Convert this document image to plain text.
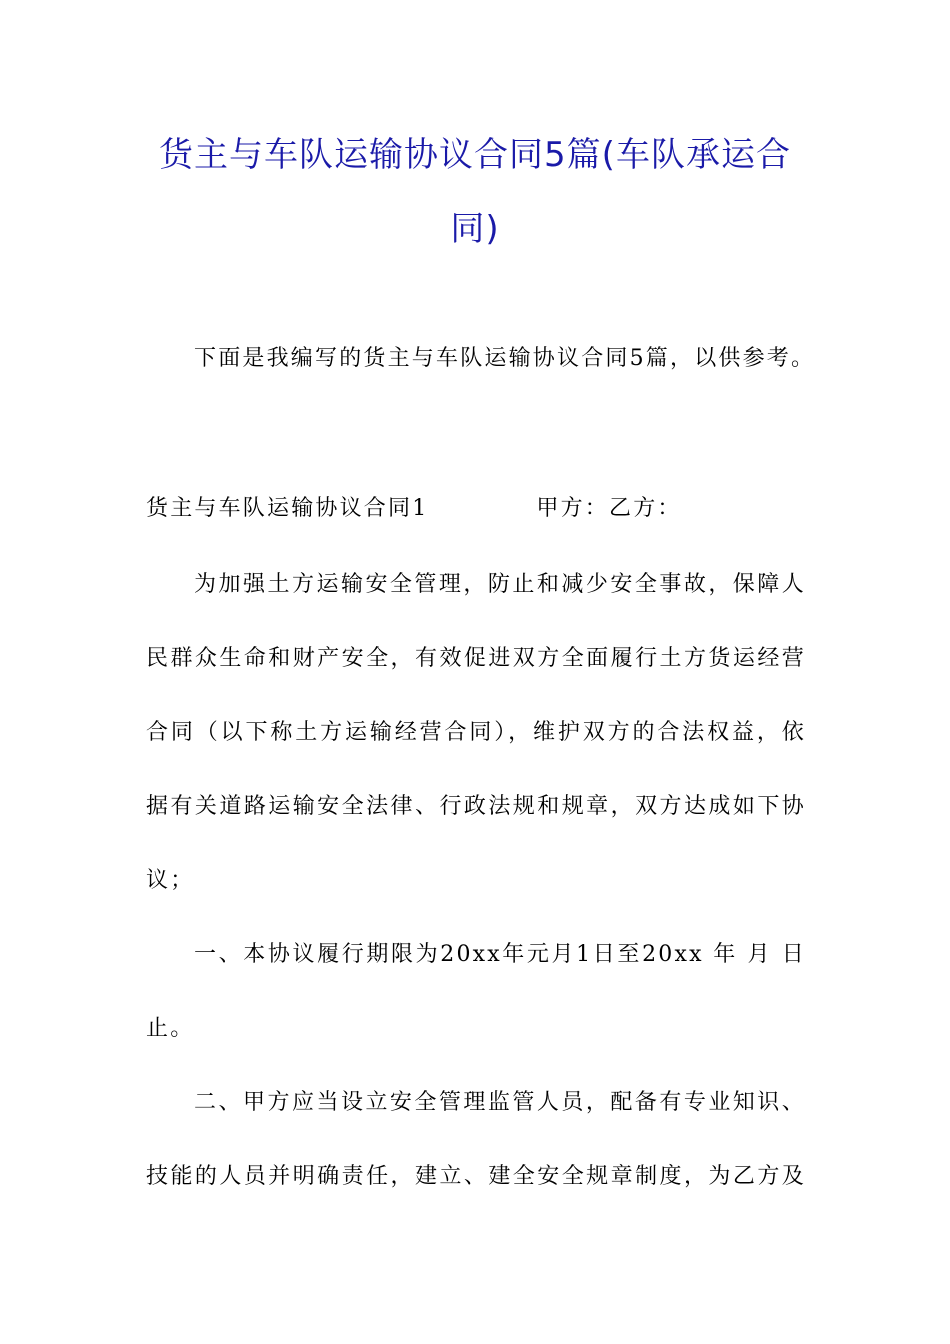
货主与车队运输协议合同5篇(车队承运合
同)
下面是我编写的货主与车队运输协议合同5篇，以供参考。
货主与车队运输协议合同1	甲方：乙方：
为加强土方运输安全管理，防止和减少安全事故，保障人
民群众生命和财产安全，有效促进双方全面履行土方货运经营
合同（以下称土方运输经营合同），维护双方的合法权益，依
据有关道路运输安全法律、行政法规和规章，双方达成如下协
议；
一、本协议履行期限为20xx年元月1日至20xx 年 月 日
止。
二、甲方应当设立安全管理监管人员，配备有专业知识、
技能的人员并明确责任，建立、建全安全规章制度，为乙方及
